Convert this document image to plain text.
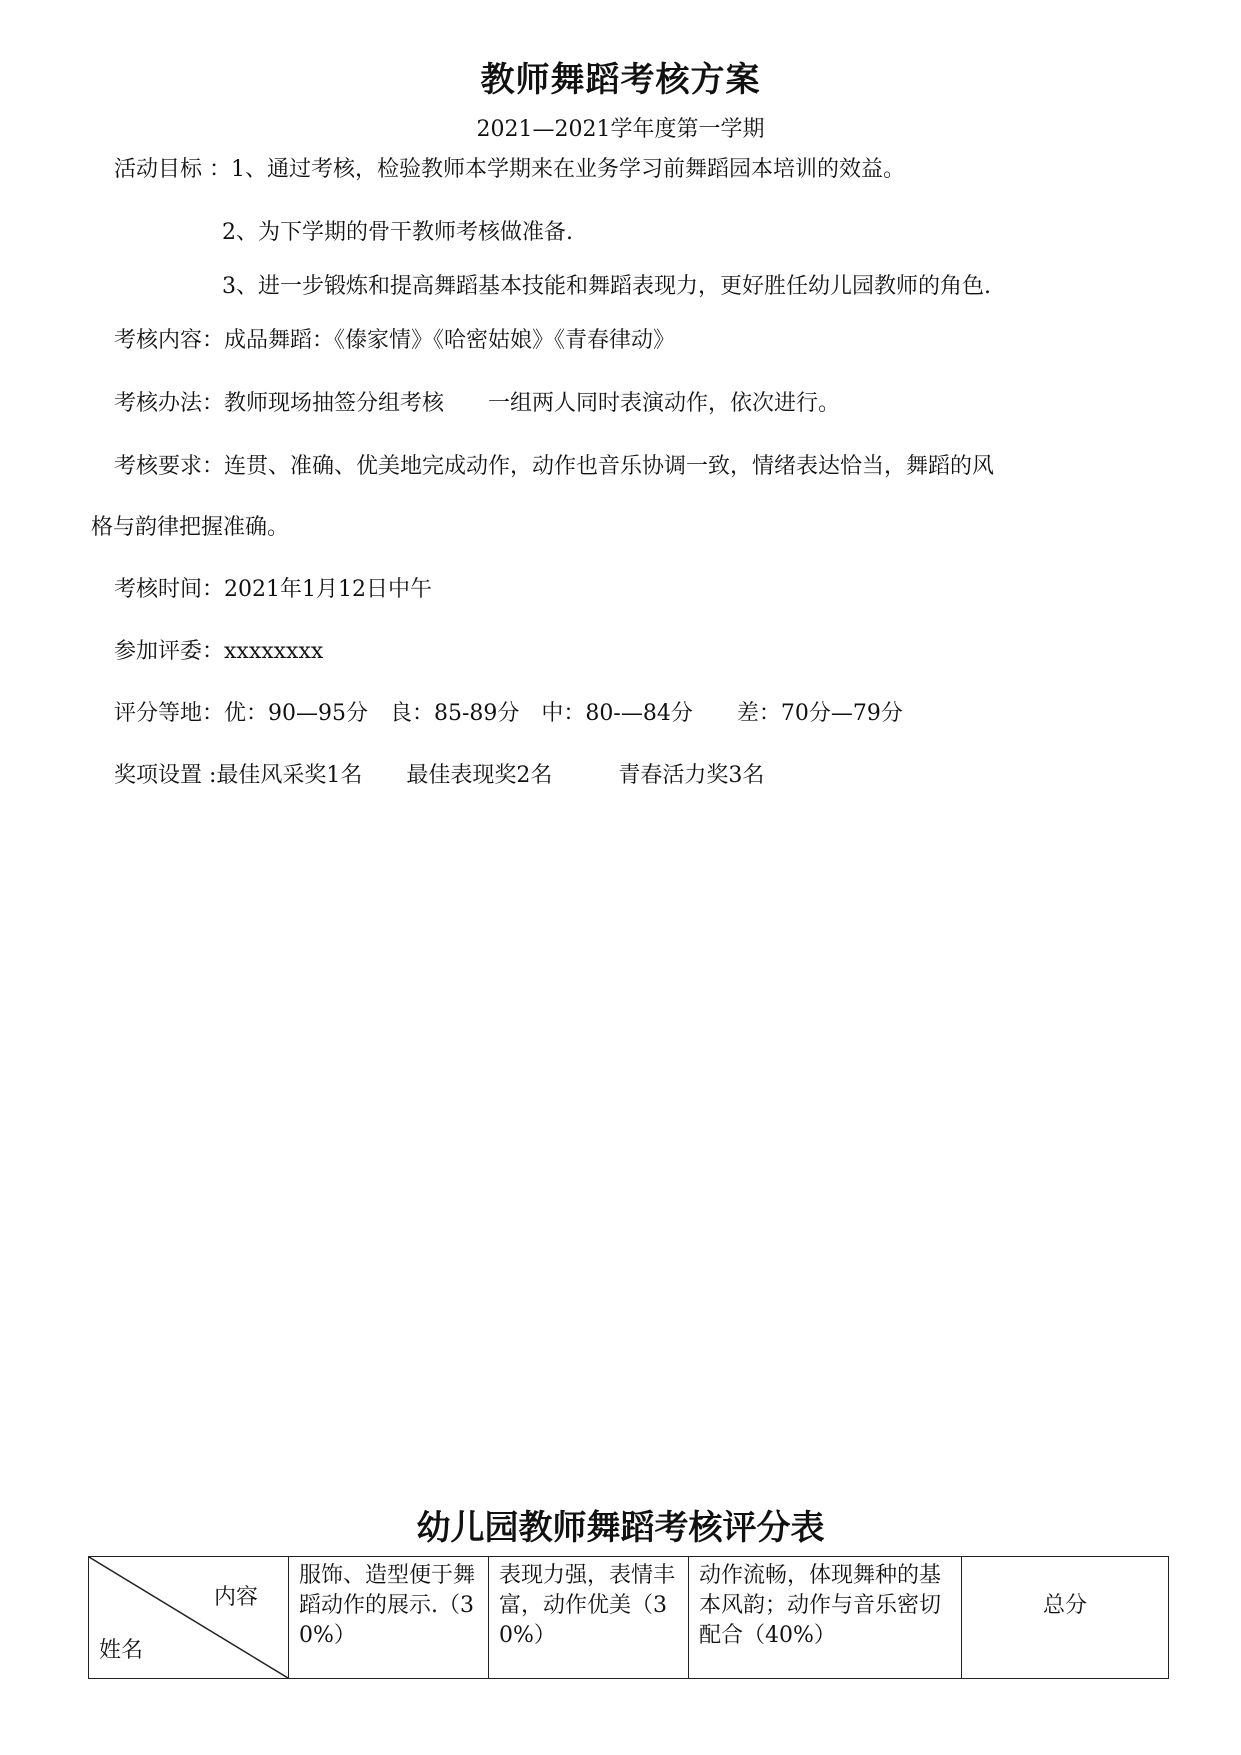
教师舞蹈考核方案
2021—2021学年度第一学期
活动目标 ：1、通过考核，检验教师本学期来在业务学习前舞蹈园本培训的效益。
2、为下学期的骨干教师考核做准备.
3、进一步锻炼和提高舞蹈基本技能和舞蹈表现力，更好胜任幼儿园教师的角色.
考核内容：成品舞蹈：《傣家情》《哈密姑娘》《青春律动》
考核办法：教师现场抽签分组考核　　一组两人同时表演动作，依次进行。
考核要求：连贯、准确、优美地完成动作，动作也音乐协调一致，情绪表达恰当，舞蹈的风
格与韵律把握准确。
考核时间：2021年1月12日中午
参加评委：xxxxxxxx
评分等地：优：90—95分　良：85-89分　中：80-—84分　　差：70分—79分
奖项设置 :最佳风采奖1名　　最佳表现奖2名　　　青春活力奖3名
幼儿园教师舞蹈考核评分表
内容
姓名
	服饰、造型便于舞蹈动作的展示.（30%）	表现力强，表情丰富，动作优美（30%）	动作流畅，体现舞种的基本风韵；动作与音乐密切配合（40%）	总分
